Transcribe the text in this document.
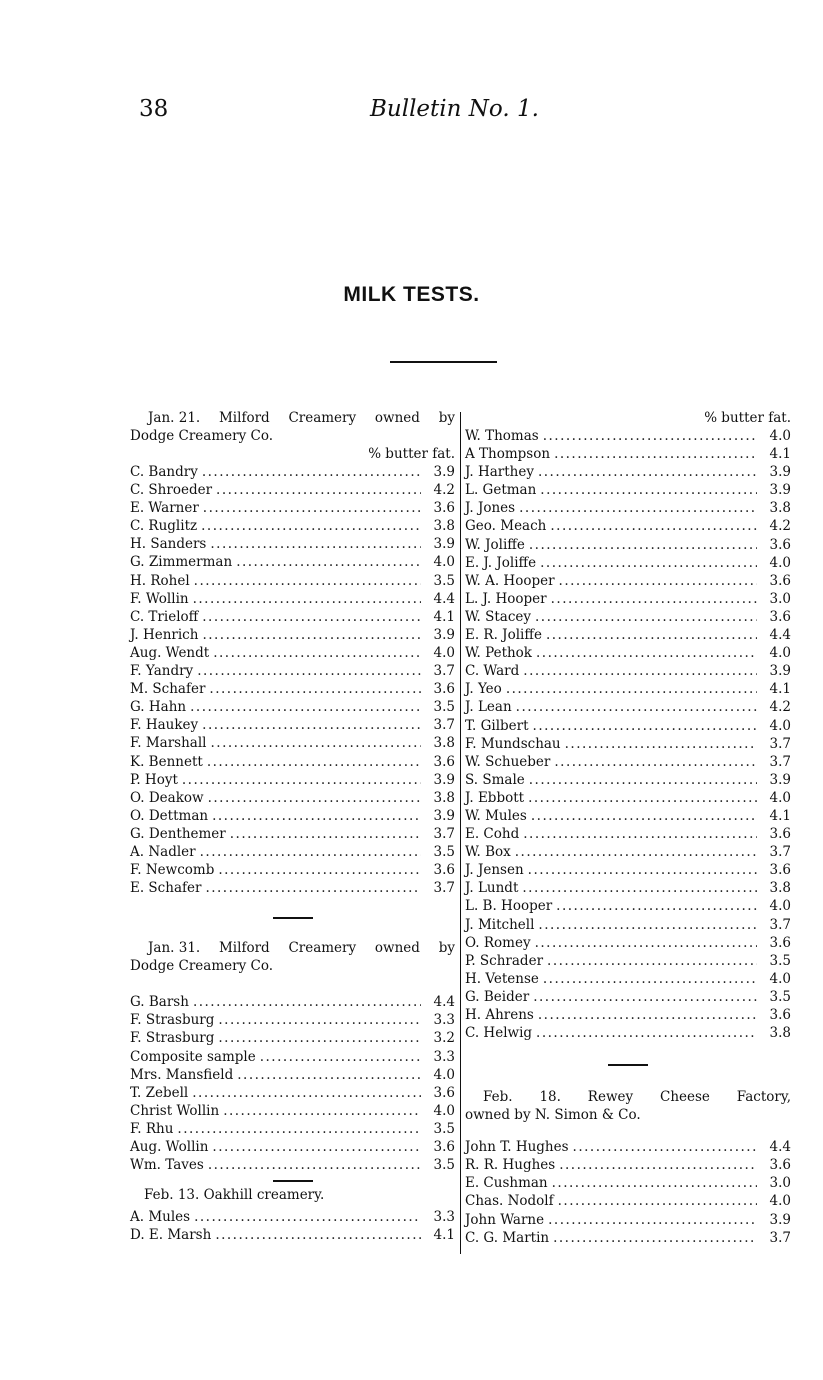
38	Bulletin No. 1.
MILK TESTS.
Jan. 21. Milford Creamery owned by
Dodge Creamery Co.
% butter fat.
C. Bandry .....	3.9
C. Shroeder .....	4.2
E. Warner .....	3.6
C. Ruglitz .....	3.8
H. Sanders .....	3.9
G. Zimmerman .....	4.0
H. Rohel .....	3.5
F. Wollin .....	4.4
C. Trieloff .....	4.1
J. Henrich .....	3.9
Aug. Wendt .....	4.0
F. Yandry .....	3.7
M. Schafer .....	3.6
G. Hahn .....	3.5
F. Haukey .....	3.7
F. Marshall .....	3.8
K. Bennett .....	3.6
P. Hoyt .....	3.9
O. Deakow .....	3.8
O. Dettman .....	3.9
G. Denthemer .....	3.7
A. Nadler .....	3.5
F. Newcomb .....	3.6
E. Schafer .....	3.7
Jan. 31. Milford Creamery owned by
Dodge Creamery Co.
G. Barsh .....	4.4
F. Strasburg .....	3.3
F. Strasburg .....	3.2
Composite sample .....	3.3
Mrs. Mansfield .....	4.0
T. Zebell .....	3.6
Christ Wollin .....	4.0
F. Rhu .....	3.5
Aug. Wollin .....	3.6
Wm. Taves .....	3.5
Feb. 13. Oakhill creamery.
A. Mules .....	3.3
D. E. Marsh .....	4.1
% butter fat.
W. Thomas .....	4.0
A Thompson .....	4.1
J. Harthey .....	3.9
L. Getman .....	3.9
J. Jones .....	3.8
Geo. Meach .....	4.2
W. Joliffe .....	3.6
E. J. Joliffe .....	4.0
W. A. Hooper .....	3.6
L. J. Hooper .....	3.0
W. Stacey .....	3.6
E. R. Joliffe .....	4.4
W. Pethok .....	4.0
C. Ward .....	3.9
J. Yeo .....	4.1
J. Lean .....	4.2
T. Gilbert .....	4.0
F. Mundschau .....	3.7
W. Schueber .....	3.7
S. Smale .....	3.9
J. Ebbott .....	4.0
W. Mules .....	4.1
E. Cohd .....	3.6
W. Box .....	3.7
J. Jensen .....	3.6
J. Lundt .....	3.8
L. B. Hooper .....	4.0
J. Mitchell .....	3.7
O. Romey .....	3.6
P. Schrader .....	3.5
H. Vetense .....	4.0
G. Beider .....	3.5
H. Ahrens .....	3.6
C. Helwig .....	3.8
Feb. 18. Rewey Cheese Factory,
owned by N. Simon & Co.
John T. Hughes .....	4.4
R. R. Hughes .....	3.6
E. Cushman .....	3.0
Chas. Nodolf .....	4.0
John Warne .....	3.9
C. G. Martin .....	3.7
